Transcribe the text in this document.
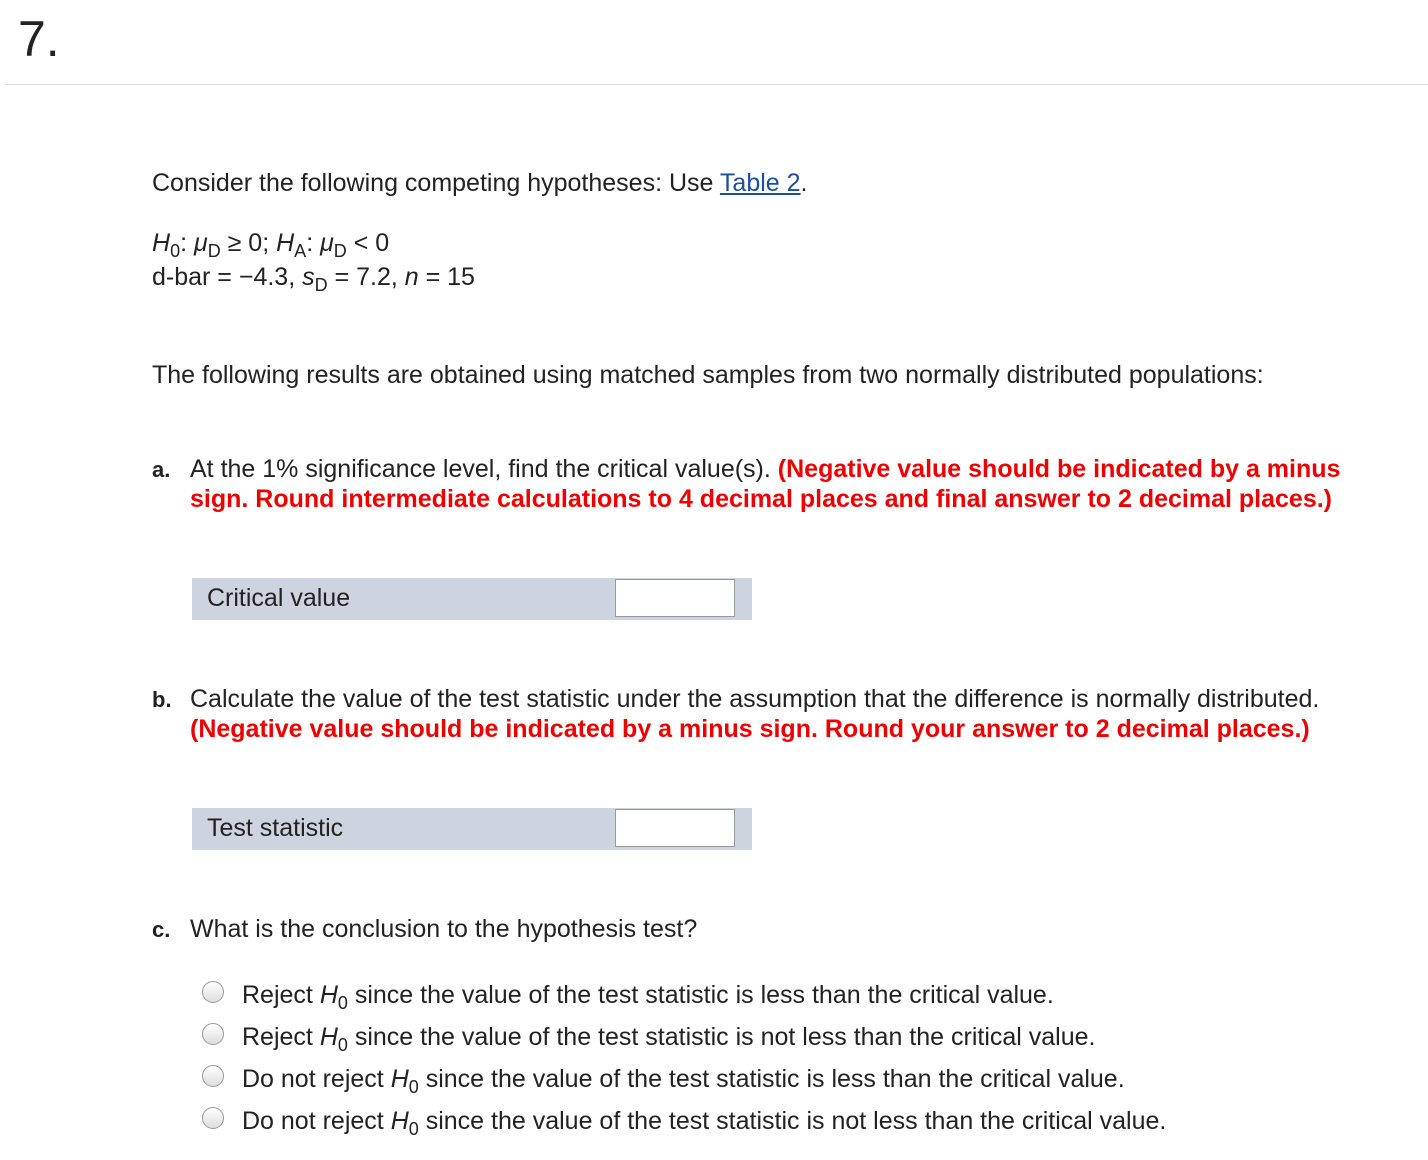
7.
Consider the following competing hypotheses: Use Table 2.
$H_0$: $\mu_D \ge 0$; $H_A$: $\mu_D < 0$
d-bar = −4.3, $s_D = 7.2$, n = 15
The following results are obtained using matched samples from two normally distributed populations:
a. At the 1% significance level, find the critical value(s). (Negative value should be indicated by a minus
sign. Round intermediate calculations to 4 decimal places and final answer to 2 decimal places.)
Critical value
b. Calculate the value of the test statistic under the assumption that the difference is normally distributed.
(Negative value should be indicated by a minus sign. Round your answer to 2 decimal places.)
Test statistic
c. What is the conclusion to the hypothesis test?
Reject $H_0$ since the value of the test statistic is less than the critical value.
Reject $H_0$ since the value of the test statistic is not less than the critical value.
Do not reject $H_0$ since the value of the test statistic is less than the critical value.
Do not reject $H_0$ since the value of the test statistic is not less than the critical value.
